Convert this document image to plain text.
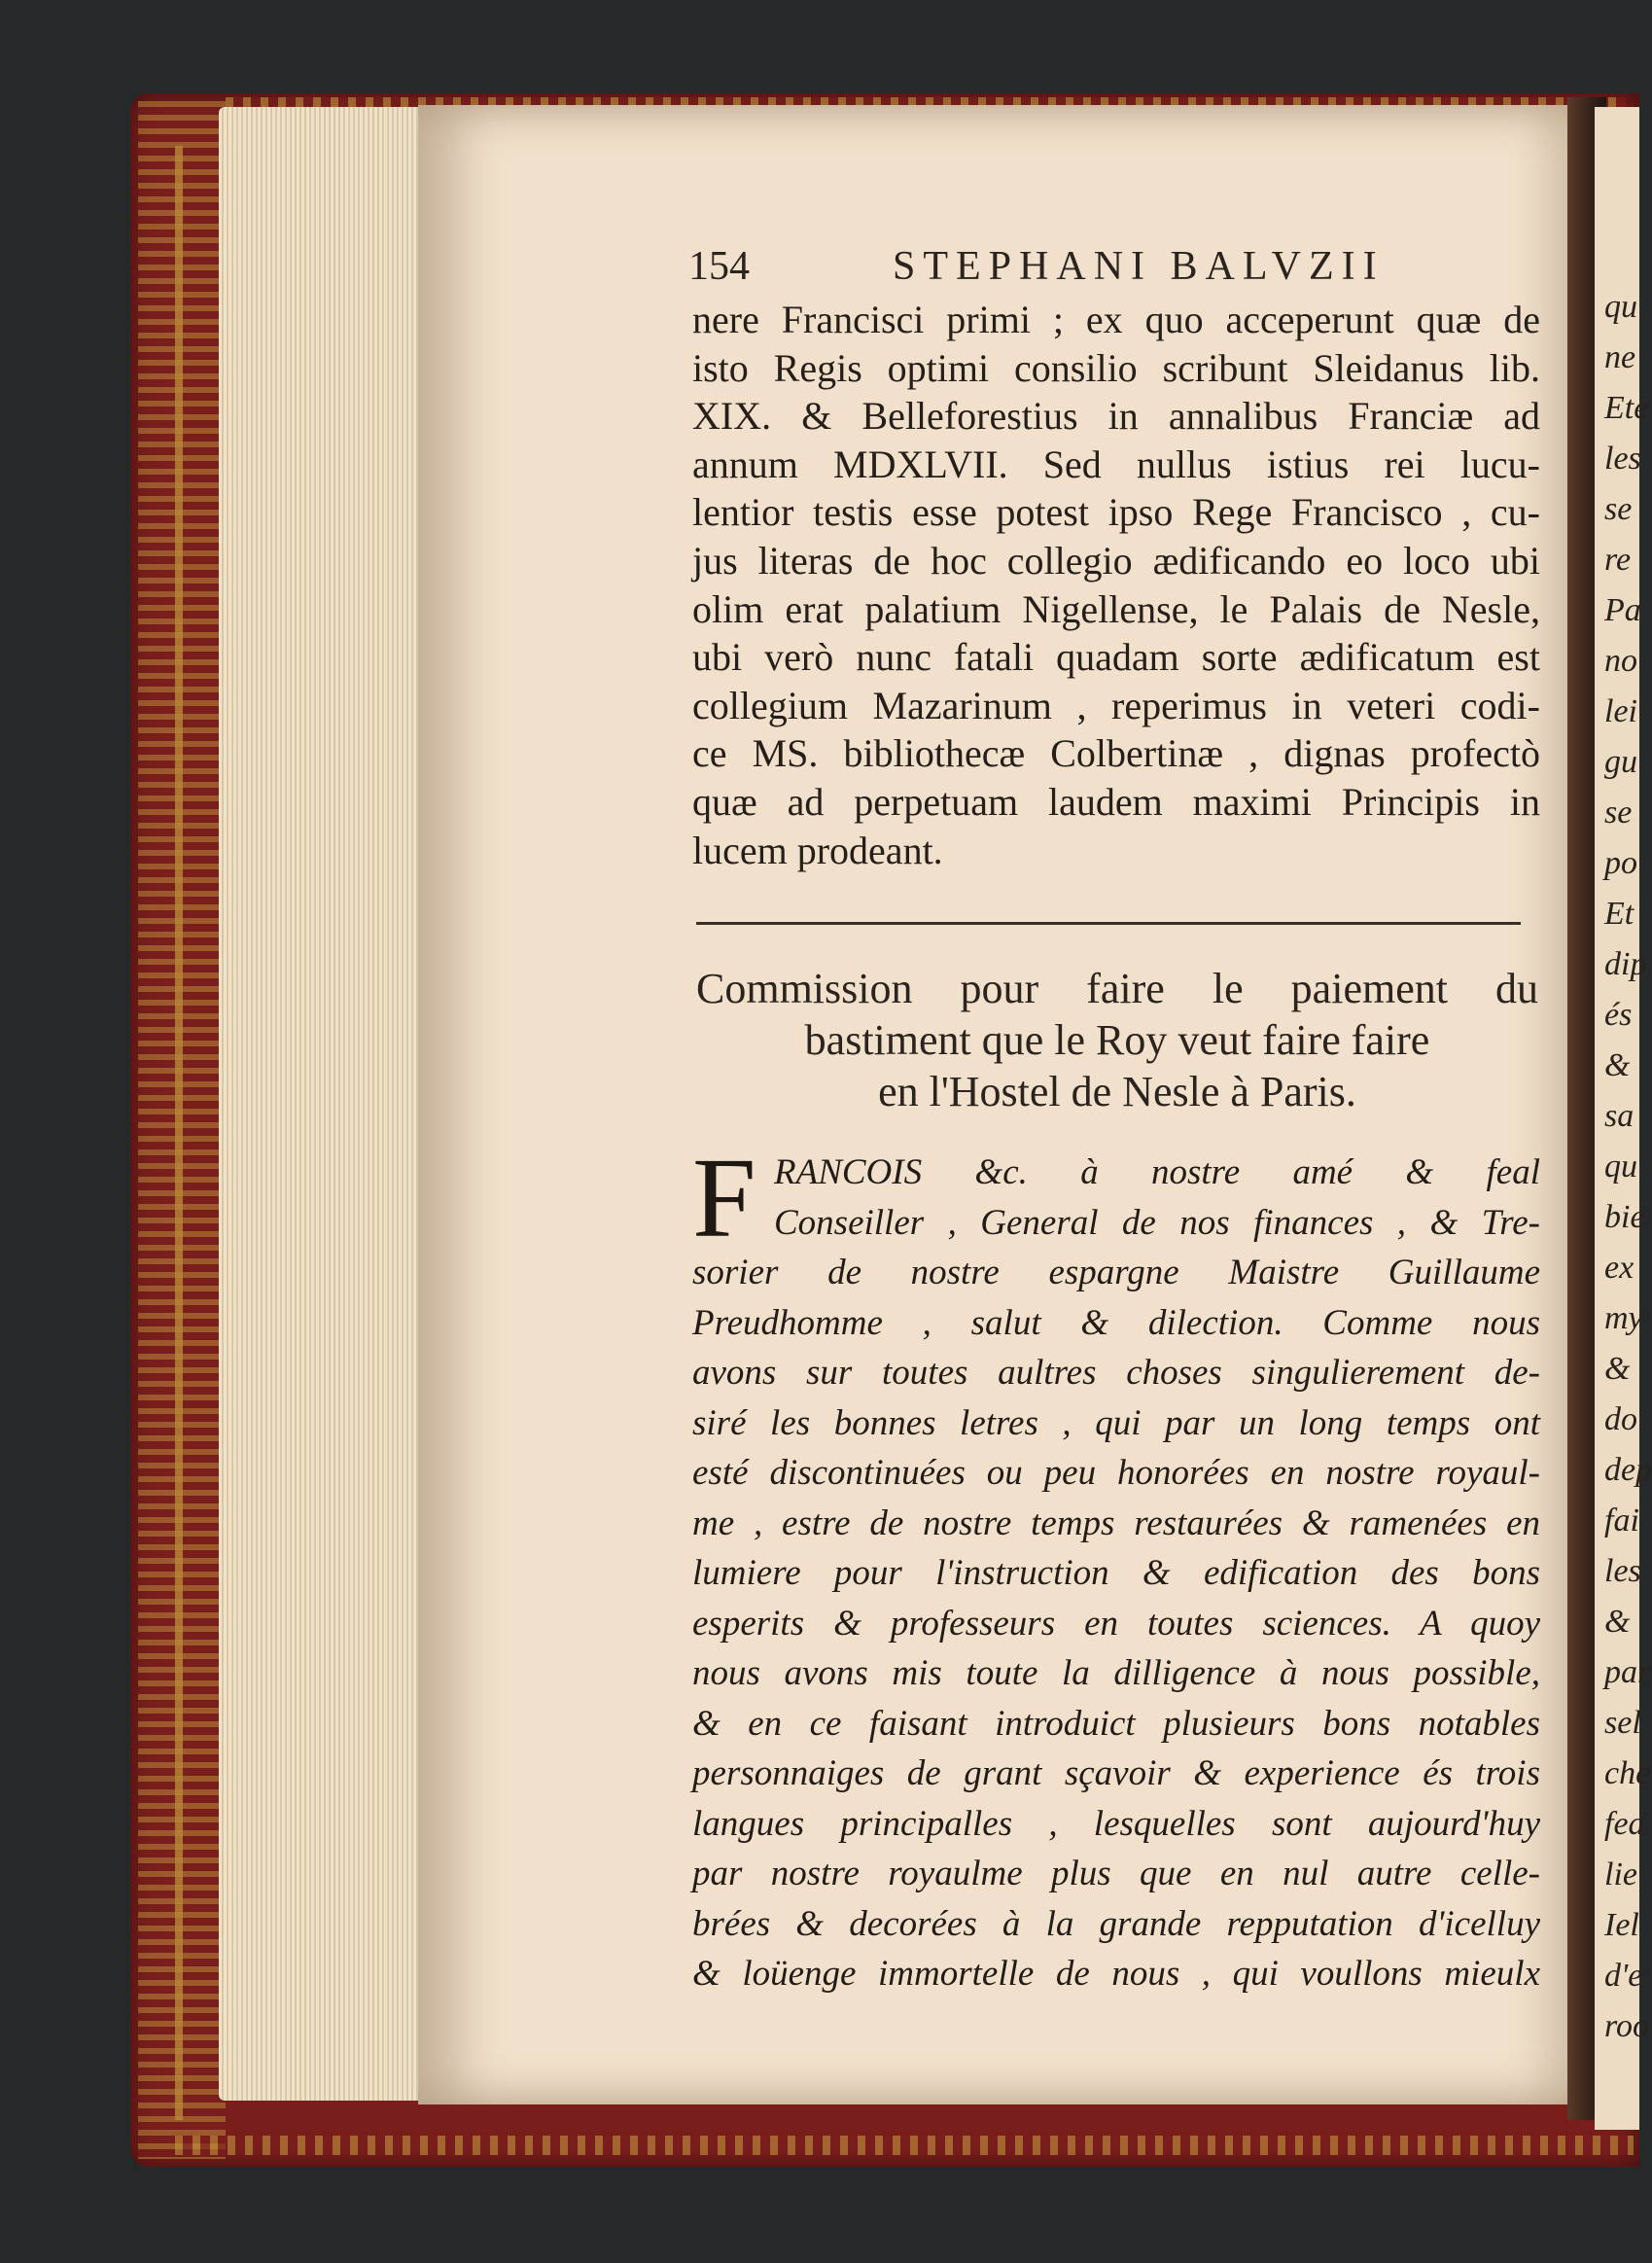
qu
ne
Ete
les
se
re
Pa
no
lei
gu
se
po
Et
dip
és
&
sa
qu
bie
ex
my
&
do
dep
fai
les
&
par
sel
che
fea
lie
Iel
d'e
roo
154	STEPHANI BALVZII
nere Francisci primi ; ex quo acceperunt quæ de
isto Regis optimi consilio scribunt Sleidanus lib.
XIX. & Belleforestius in annalibus Franciæ ad
annum MDXLVII. Sed nullus istius rei lucu-
lentior testis esse potest ipso Rege Francisco , cu-
jus literas de hoc collegio ædificando eo loco ubi
olim erat palatium Nigellense, le Palais de Nesle,
ubi verò nunc fatali quadam sorte ædificatum est
collegium Mazarinum , reperimus in veteri codi-
ce MS. bibliothecæ Colbertinæ , dignas profectò
quæ ad perpetuam laudem maximi Principis in
lucem prodeant.
Commission pour faire le paiement du
bastiment que le Roy veut faire faire
en l'Hostel de Nesle à Paris.
F RANCOIS &c. à nostre amé & feal
Conseiller , General de nos finances , & Tre-
sorier de nostre espargne Maistre Guillaume
Preudhomme , salut & dilection. Comme nous
avons sur toutes aultres choses singulierement de-
siré les bonnes letres , qui par un long temps ont
esté discontinuées ou peu honorées en nostre royaul-
me , estre de nostre temps restaurées & ramenées en
lumiere pour l'instruction & edification des bons
esperits & professeurs en toutes sciences. A quoy
nous avons mis toute la dilligence à nous possible,
& en ce faisant introduict plusieurs bons notables
personnaiges de grant sçavoir & experience és trois
langues principalles , lesquelles sont aujourd'huy
par nostre royaulme plus que en nul autre celle-
brées & decorées à la grande repputation d'icelluy
& loüenge immortelle de nous , qui voullons mieulx
